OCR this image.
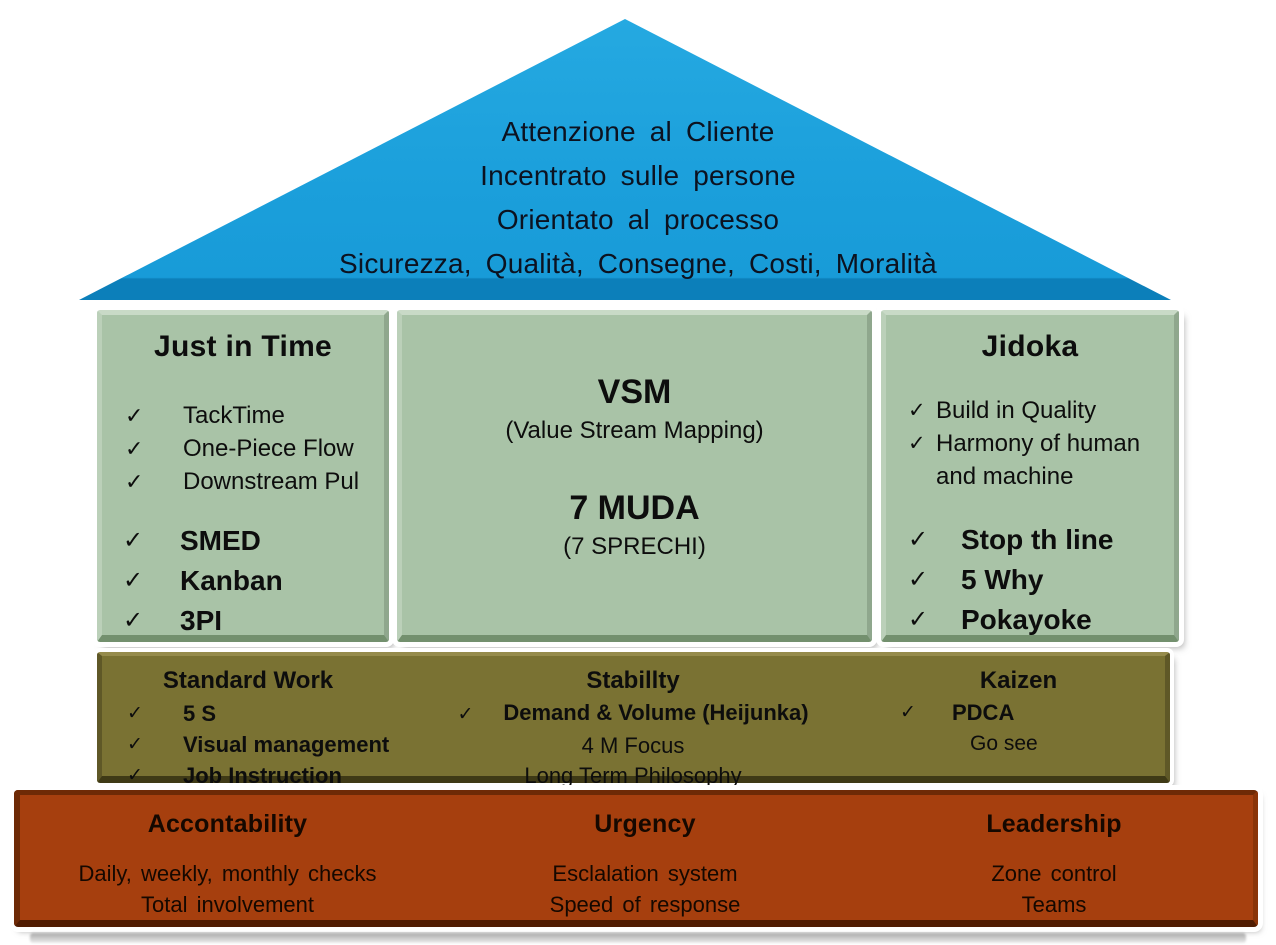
Attenzione al Cliente
Incentrato sulle persone
Orientato al processo
Sicurezza, Qualità, Consegne, Costi, Moralità
Just in Time
✓	TackTime
✓	One-Piece Flow
✓	Downstream Pul
✓	SMED
✓	Kanban
✓	3PI
VSM
(Value Stream Mapping)
7 MUDA
(7 SPRECHI)
Jidoka
✓ Build in Quality
✓ Harmony of human and machine
✓	Stop th line
✓	5 Why
✓	Pokayoke
Standard Work
✓	5 S
✓	Visual management
✓	Job Instruction
Stabillty
✓ Demand & Volume (Heijunka)
4 M Focus
Long Term Philosophy
Kaizen
✓	PDCA
Go see
Accontability
Daily, weekly, monthly checks
Total involvement
Urgency
Esclalation system
Speed of response
Leadership
Zone control
Teams
